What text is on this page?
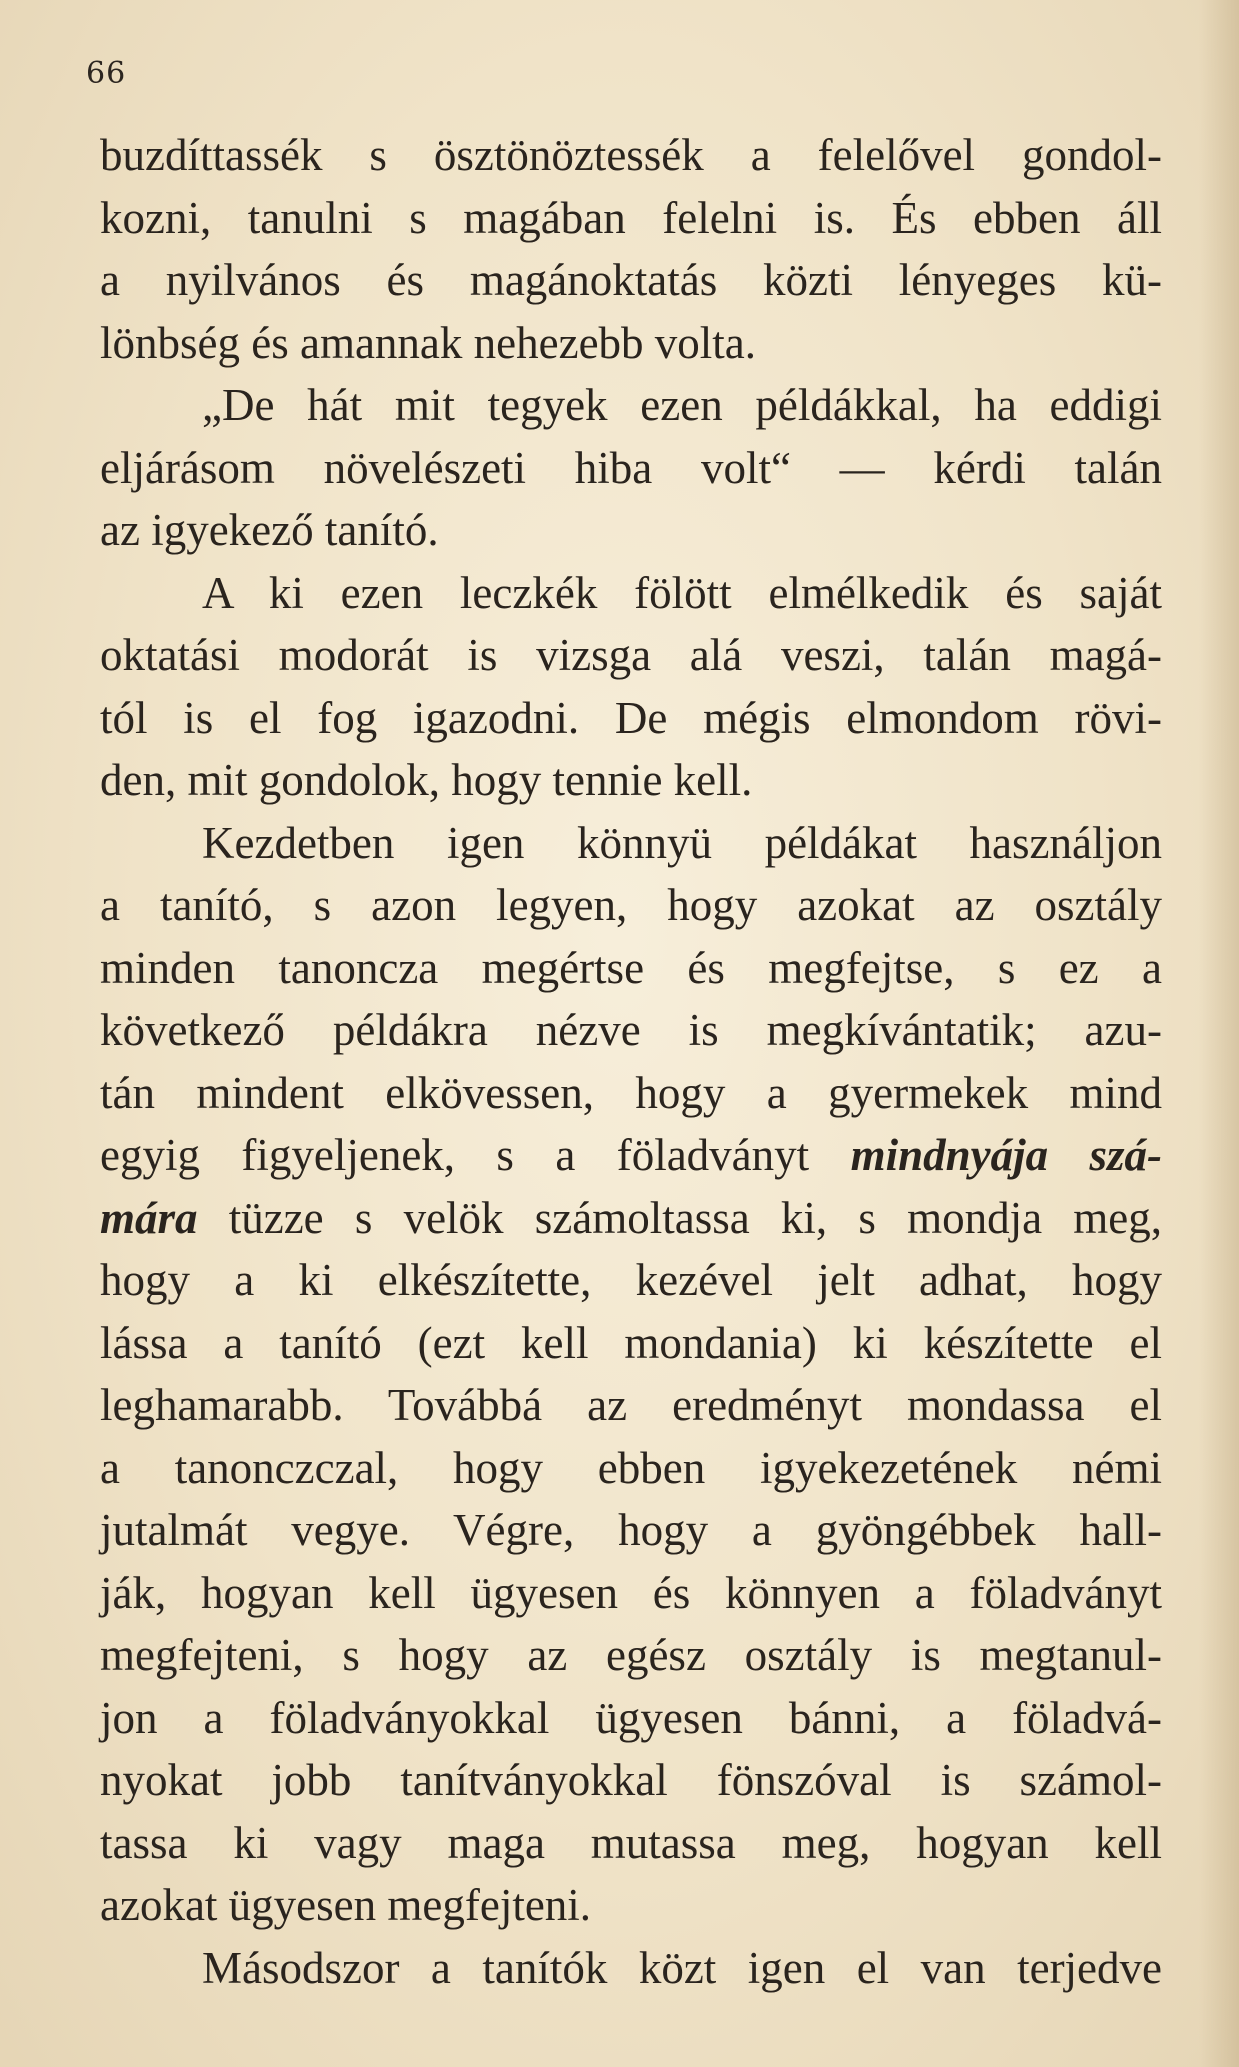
66
buzdíttassék s ösztönöztessék a felelővel gondol-
kozni, tanulni s magában felelni is. És ebben áll
a nyilvános és magánoktatás közti lényeges kü-
lönbség és amannak nehezebb volta.
„De hát mit tegyek ezen példákkal, ha eddigi
eljárásom növelészeti hiba volt“ — kérdi talán
az igyekező tanító.
A ki ezen leczkék fölött elmélkedik és saját
oktatási modorát is vizsga alá veszi, talán magá-
tól is el fog igazodni. De mégis elmondom rövi-
den, mit gondolok, hogy tennie kell.
Kezdetben igen könnyü példákat használjon
a tanító, s azon legyen, hogy azokat az osztály
minden tanoncza megértse és megfejtse, s ez a
következő példákra nézve is megkívántatik; azu-
tán mindent elkövessen, hogy a gyermekek mind
egyig figyeljenek, s a föladványt mindnyája szá-
mára tüzze s velök számoltassa ki, s mondja meg,
hogy a ki elkészítette, kezével jelt adhat, hogy
lássa a tanító (ezt kell mondania) ki készítette el
leghamarabb. Továbbá az eredményt mondassa el
a tanonczczal, hogy ebben igyekezetének némi
jutalmát vegye. Végre, hogy a gyöngébbek hall-
ják, hogyan kell ügyesen és könnyen a föladványt
megfejteni, s hogy az egész osztály is megtanul-
jon a föladványokkal ügyesen bánni, a föladvá-
nyokat jobb tanítványokkal fönszóval is számol-
tassa ki vagy maga mutassa meg, hogyan kell
azokat ügyesen megfejteni.
Másodszor a tanítók közt igen el van terjedve
